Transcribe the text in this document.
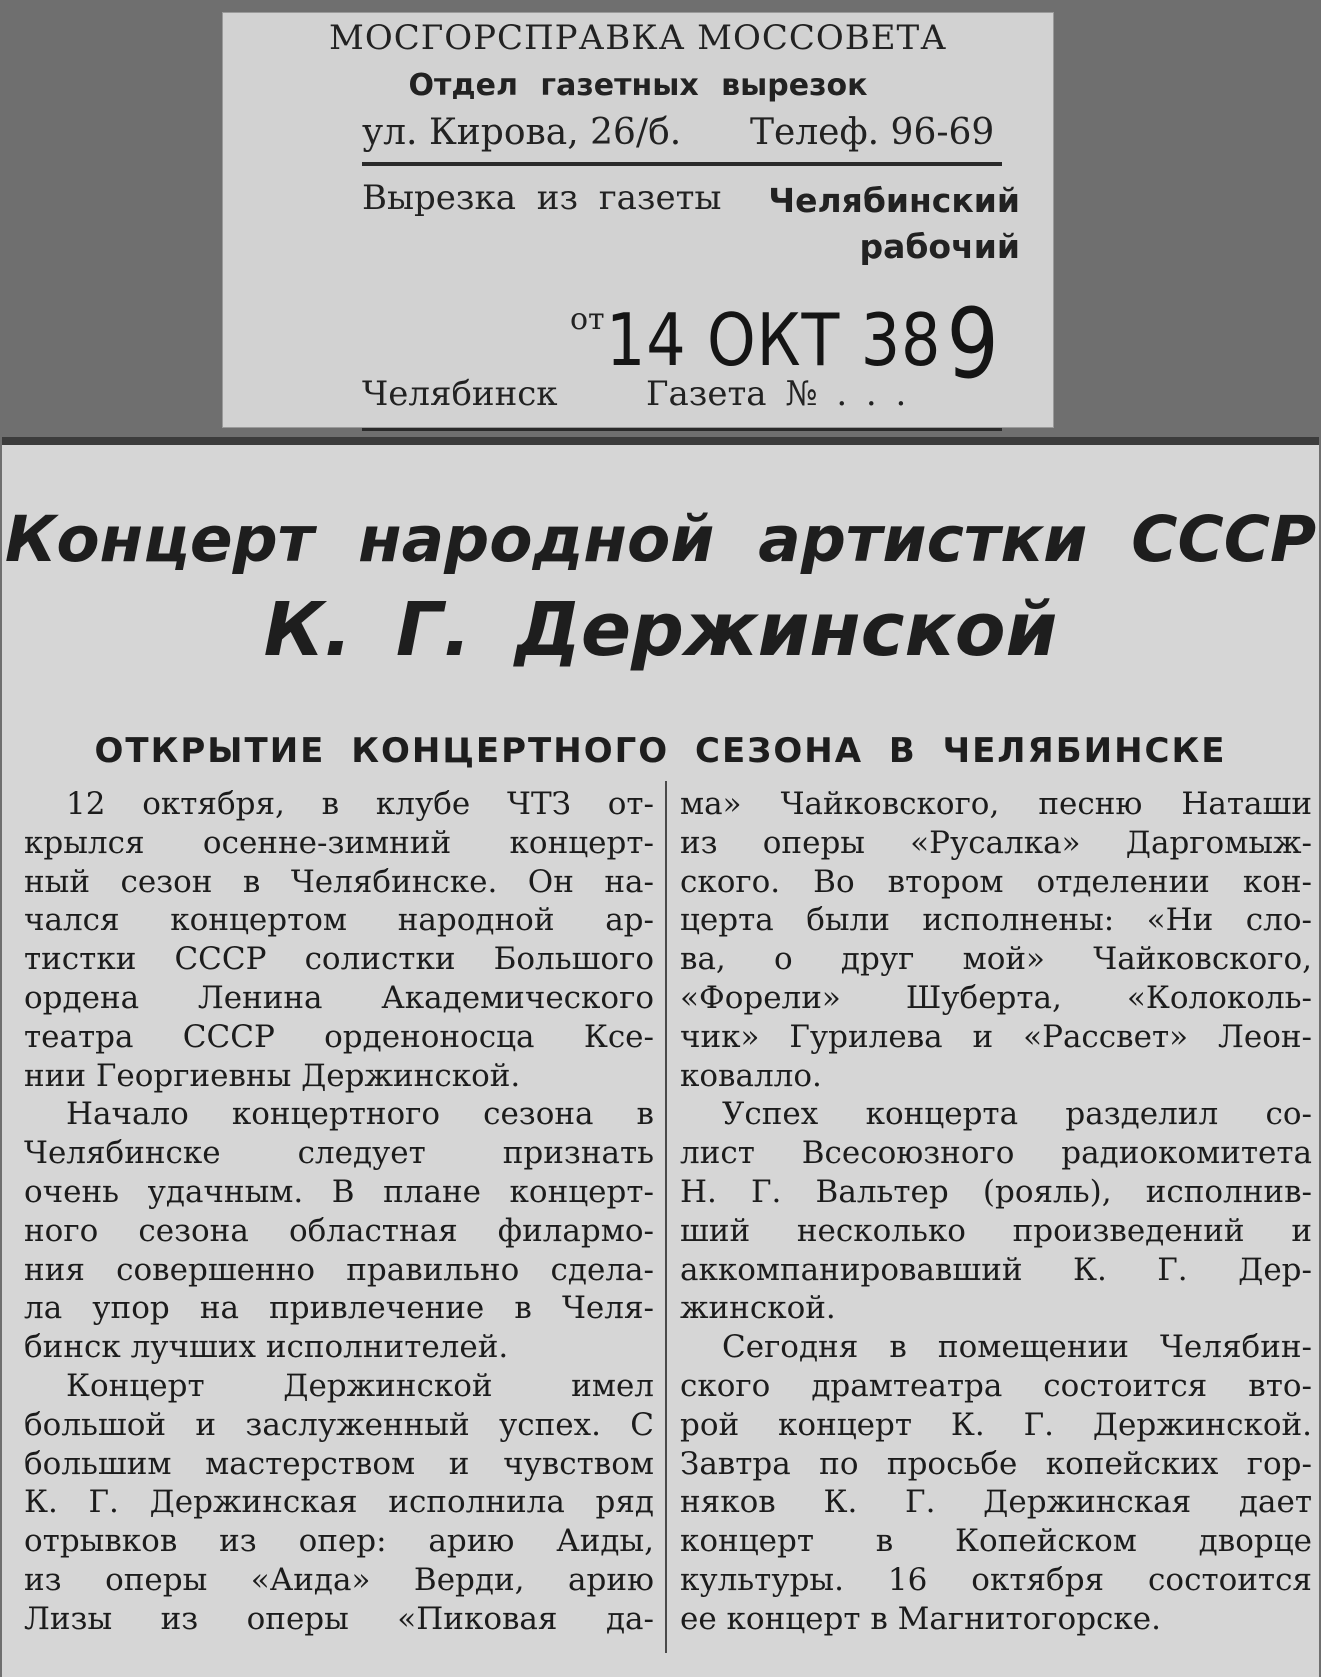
МОСГОРСПРАВКА МОССОВЕТА
Отдел газетных вырезок
ул. Кирова, 26/б. Телеф. 96-69
Вырезка из газеты	Челябинский
рабочий
от 14 ОКТ 389
Челябинск	Газета № . . .
Концерт народной артистки СССР
К. Г. Держинской
ОТКРЫТИЕ КОНЦЕРТНОГО СЕЗОНА В ЧЕЛЯБИНСКЕ
12 октября, в клубе ЧТЗ от-
крылся осенне-зимний концерт-
ный сезон в Челябинске. Он на-
чался концертом народной ар-
тистки СССР солистки Большого
ордена Ленина Академического
театра СССР орденоносца Ксе-
нии Георгиевны Держинской.
Начало концертного сезона в
Челябинске следует признать
очень удачным. В плане концерт-
ного сезона областная филармо-
ния совершенно правильно сдела-
ла упор на привлечение в Челя-
бинск лучших исполнителей.
Концерт Держинской имел
большой и заслуженный успех. С
большим мастерством и чувством
К. Г. Держинская исполнила ряд
отрывков из опер: арию Аиды,
из оперы «Аида» Верди, арию
Лизы из оперы «Пиковая да-
ма» Чайковского, песню Наташи
из оперы «Русалка» Даргомыж-
ского. Во втором отделении кон-
церта были исполнены: «Ни сло-
ва, о друг мой» Чайковского,
«Форели» Шуберта, «Колоколь-
чик» Гурилева и «Рассвет» Леон-
ковалло.
Успех концерта разделил со-
лист Всесоюзного радиокомитета
Н. Г. Вальтер (рояль), исполнив-
ший несколько произведений и
аккомпанировавший К. Г. Дер-
жинской.
Сегодня в помещении Челябин-
ского драмтеатра состоится вто-
рой концерт К. Г. Держинской.
Завтра по просьбе копейских гор-
няков К. Г. Держинская дает
концерт в Копейском дворце
культуры. 16 октября состоится
ее концерт в Магнитогорске.
